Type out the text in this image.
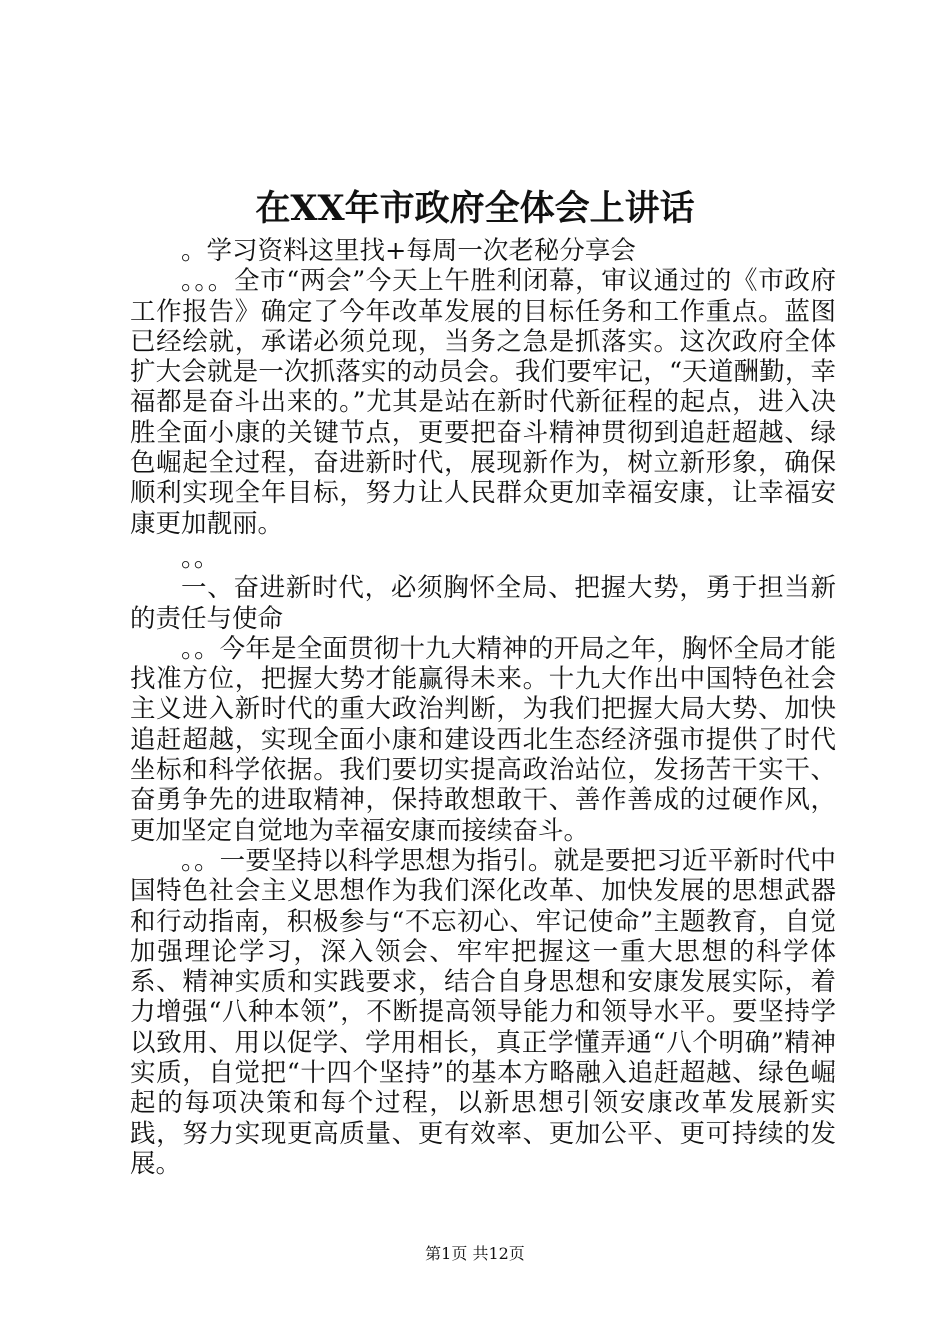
在XX年市政府全体会上讲话

。学习资料这里找+每周一次老秘分享会

。。。全市“两会”今天上午胜利闭幕，审议通过的《市政府工作报告》确定了今年改革发展的目标任务和工作重点。蓝图已经绘就，承诺必须兑现，当务之急是抓落实。这次政府全体扩大会就是一次抓落实的动员会。我们要牢记，“天道酬勤，幸福都是奋斗出来的。”尤其是站在新时代新征程的起点，进入决胜全面小康的关键节点，更要把奋斗精神贯彻到追赶超越、绿色崛起全过程，奋进新时代，展现新作为，树立新形象，确保顺利实现全年目标，努力让人民群众更加幸福安康，让幸福安康更加靓丽。

。。

一、奋进新时代，必须胸怀全局、把握大势，勇于担当新的责任与使命

。。今年是全面贯彻十九大精神的开局之年，胸怀全局才能找准方位，把握大势才能赢得未来。十九大作出中国特色社会主义进入新时代的重大政治判断，为我们把握大局大势、加快追赶超越，实现全面小康和建设西北生态经济强市提供了时代坐标和科学依据。我们要切实提高政治站位，发扬苦干实干、奋勇争先的进取精神，保持敢想敢干、善作善成的过硬作风，更加坚定自觉地为幸福安康而接续奋斗。

。。一要坚持以科学思想为指引。就是要把习近平新时代中国特色社会主义思想作为我们深化改革、加快发展的思想武器和行动指南，积极参与“不忘初心、牢记使命”主题教育，自觉加强理论学习，深入领会、牢牢把握这一重大思想的科学体系、精神实质和实践要求，结合自身思想和安康发展实际，着力增强“八种本领”，不断提高领导能力和领导水平。要坚持学以致用、用以促学、学用相长，真正学懂弄通“八个明确”精神实质，自觉把“十四个坚持”的基本方略融入追赶超越、绿色崛起的每项决策和每个过程，以新思想引领安康改革发展新实践，努力实现更高质量、更有效率、更加公平、更可持续的发展。

第1页 共12页
